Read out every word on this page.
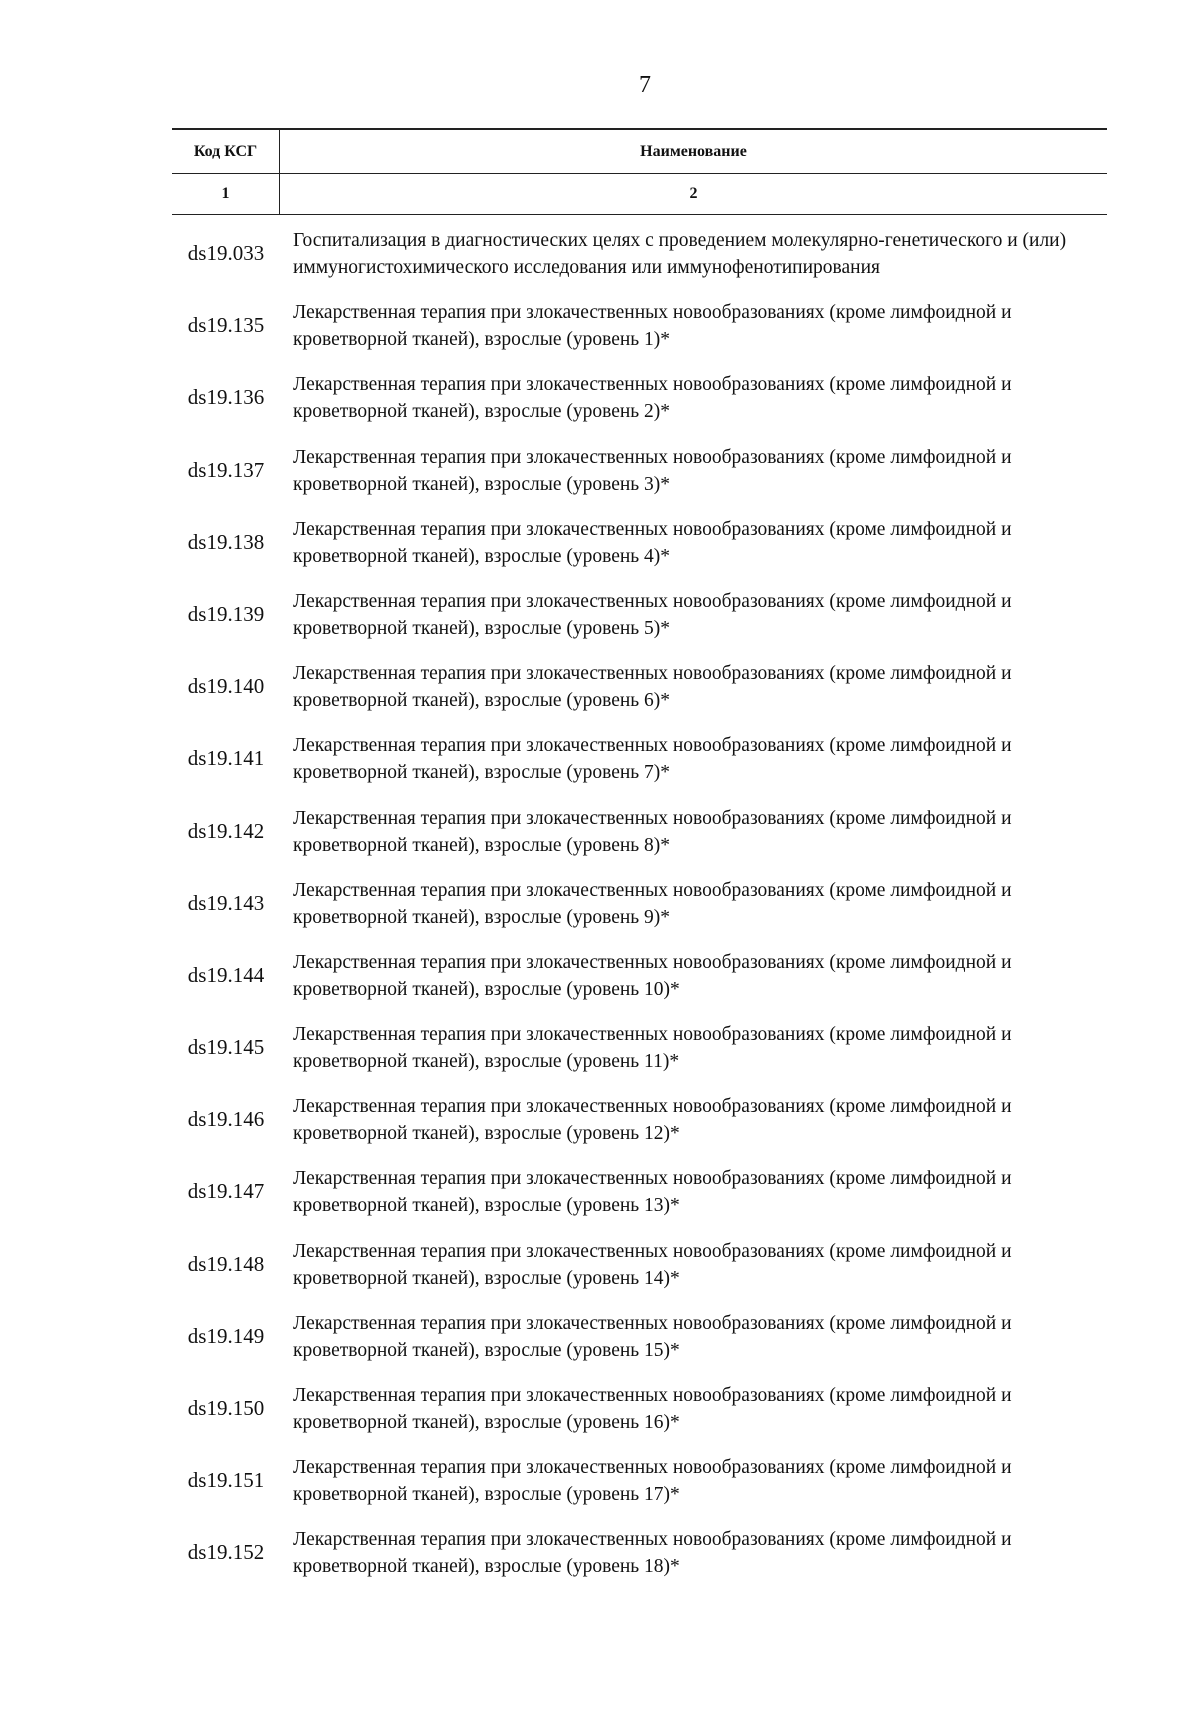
7
Код КСГ	Наименование
1	2
ds19.033
Госпитализация в диагностических целях с проведением молекулярно-генетического и (или) иммуногистохимического исследования или иммунофенотипирования
ds19.135
Лекарственная терапия при злокачественных новообразованиях (кроме лимфоидной и кроветворной тканей), взрослые (уровень 1)*
ds19.136
Лекарственная терапия при злокачественных новообразованиях (кроме лимфоидной и кроветворной тканей), взрослые (уровень 2)*
ds19.137
Лекарственная терапия при злокачественных новообразованиях (кроме лимфоидной и кроветворной тканей), взрослые (уровень 3)*
ds19.138
Лекарственная терапия при злокачественных новообразованиях (кроме лимфоидной и кроветворной тканей), взрослые (уровень 4)*
ds19.139
Лекарственная терапия при злокачественных новообразованиях (кроме лимфоидной и кроветворной тканей), взрослые (уровень 5)*
ds19.140
Лекарственная терапия при злокачественных новообразованиях (кроме лимфоидной и кроветворной тканей), взрослые (уровень 6)*
ds19.141
Лекарственная терапия при злокачественных новообразованиях (кроме лимфоидной и кроветворной тканей), взрослые (уровень 7)*
ds19.142
Лекарственная терапия при злокачественных новообразованиях (кроме лимфоидной и кроветворной тканей), взрослые (уровень 8)*
ds19.143
Лекарственная терапия при злокачественных новообразованиях (кроме лимфоидной и кроветворной тканей), взрослые (уровень 9)*
ds19.144
Лекарственная терапия при злокачественных новообразованиях (кроме лимфоидной и кроветворной тканей), взрослые (уровень 10)*
ds19.145
Лекарственная терапия при злокачественных новообразованиях (кроме лимфоидной и кроветворной тканей), взрослые (уровень 11)*
ds19.146
Лекарственная терапия при злокачественных новообразованиях (кроме лимфоидной и кроветворной тканей), взрослые (уровень 12)*
ds19.147
Лекарственная терапия при злокачественных новообразованиях (кроме лимфоидной и кроветворной тканей), взрослые (уровень 13)*
ds19.148
Лекарственная терапия при злокачественных новообразованиях (кроме лимфоидной и кроветворной тканей), взрослые (уровень 14)*
ds19.149
Лекарственная терапия при злокачественных новообразованиях (кроме лимфоидной и кроветворной тканей), взрослые (уровень 15)*
ds19.150
Лекарственная терапия при злокачественных новообразованиях (кроме лимфоидной и кроветворной тканей), взрослые (уровень 16)*
ds19.151
Лекарственная терапия при злокачественных новообразованиях (кроме лимфоидной и кроветворной тканей), взрослые (уровень 17)*
ds19.152
Лекарственная терапия при злокачественных новообразованиях (кроме лимфоидной и кроветворной тканей), взрослые (уровень 18)*
